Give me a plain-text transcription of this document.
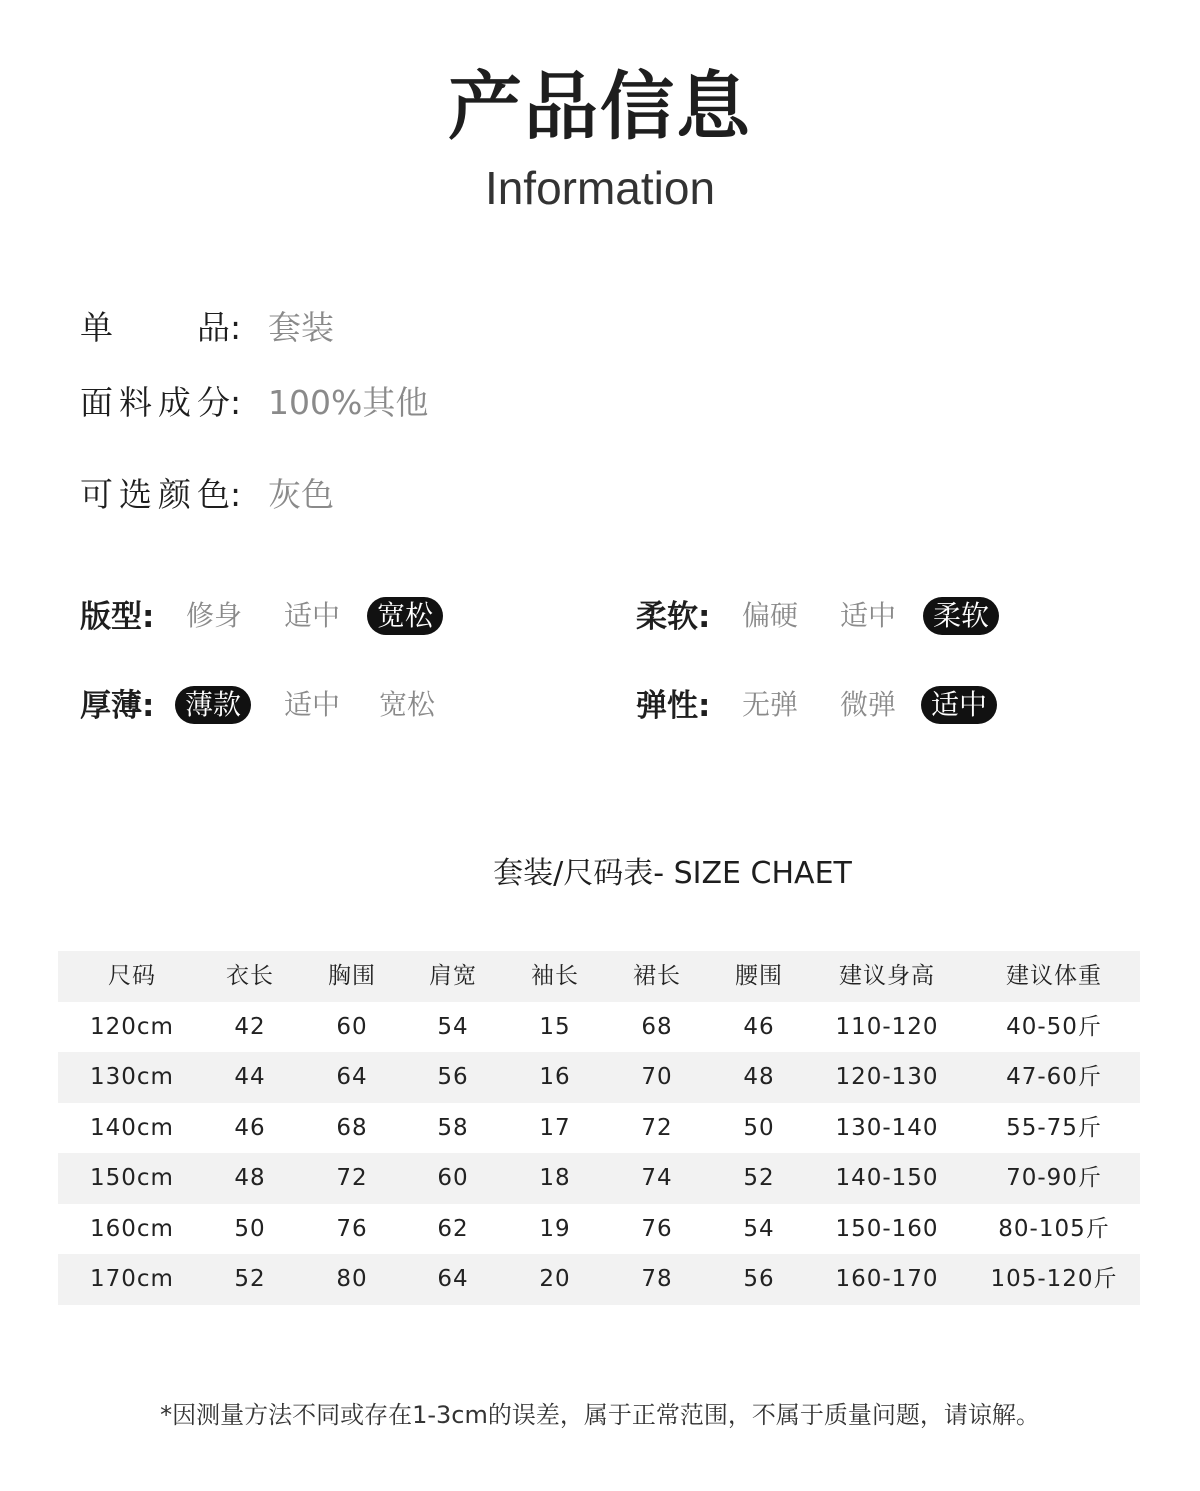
产品信息
Information
单品 : 套装
面料成分 : 100%其他
可选颜色 : 灰色
版型:	修身	适中	宽松	柔软:	偏硬	适中	柔软
厚薄:	薄款	适中	宽松	弹性:	无弹	微弹	适中
套装/尺码表- SIZE CHAET
尺码	衣长	胸围	肩宽	袖长	裙长	腰围	建议身高	建议体重
120cm	42	60	54	15	68	46	110-120	40-50斤
130cm	44	64	56	16	70	48	120-130	47-60斤
140cm	46	68	58	17	72	50	130-140	55-75斤
150cm	48	72	60	18	74	52	140-150	70-90斤
160cm	50	76	62	19	76	54	150-160	80-105斤
170cm	52	80	64	20	78	56	160-170	105-120斤
*因测量方法不同或存在1-3cm的误差，属于正常范围，不属于质量问题，请谅解。
